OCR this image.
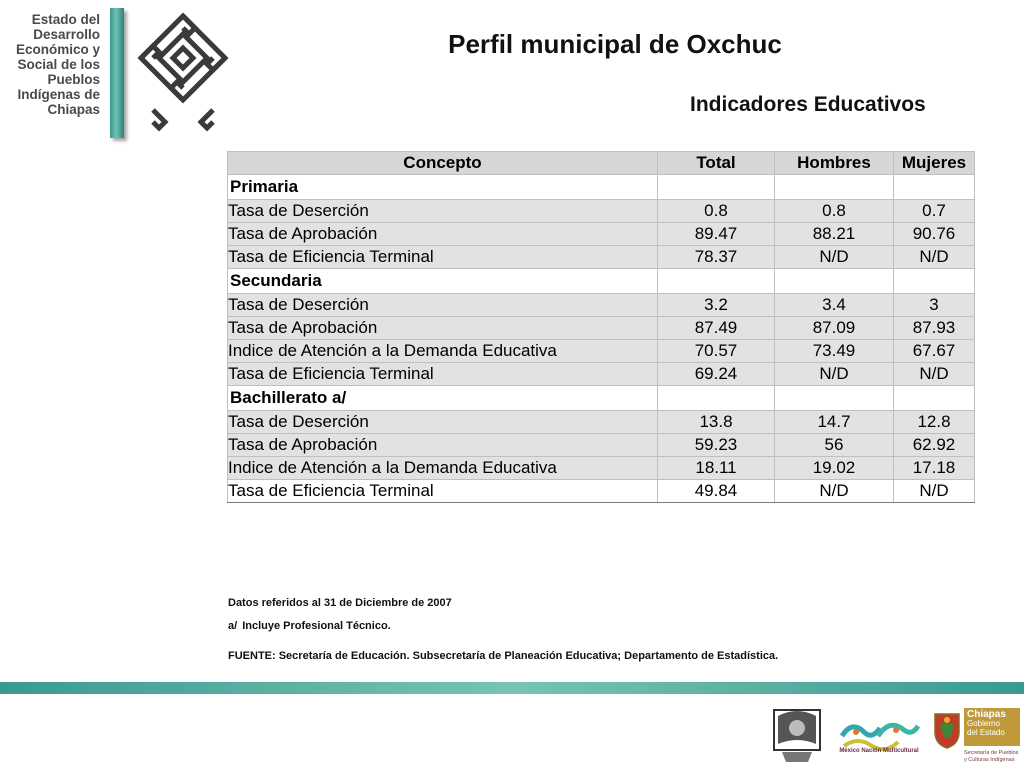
Estado del
Desarrollo
Económico y
Social de los
Pueblos
Indígenas de
Chiapas
Perfil municipal de Oxchuc
Indicadores Educativos
Concepto	Total	Hombres	Mujeres
Primaria			
Tasa de Deserción	0.8	0.8	0.7
Tasa de Aprobación	89.47	88.21	90.76
Tasa de Eficiencia Terminal	78.37	N/D	N/D
Secundaria			
Tasa de Deserción	3.2	3.4	3
Tasa de Aprobación	87.49	87.09	87.93
Indice de Atención a la Demanda Educativa	70.57	73.49	67.67
Tasa de Eficiencia Terminal	69.24	N/D	N/D
Bachillerato a/			
Tasa de Deserción	13.8	14.7	12.8
Tasa de Aprobación	59.23	56	62.92
Indice de Atención a la Demanda Educativa	18.11	19.02	17.18
Tasa de Eficiencia Terminal	49.84	N/D	N/D
Datos referidos al 31 de Diciembre de 2007
a/ Incluye Profesional Técnico.
FUENTE: Secretaría de Educación. Subsecretaría de Planeación Educativa; Departamento de Estadística.
México Nación Multicultural
Chiapas
Gobierno
del Estado
Secretaría de Pueblos y Culturas Indígenas
